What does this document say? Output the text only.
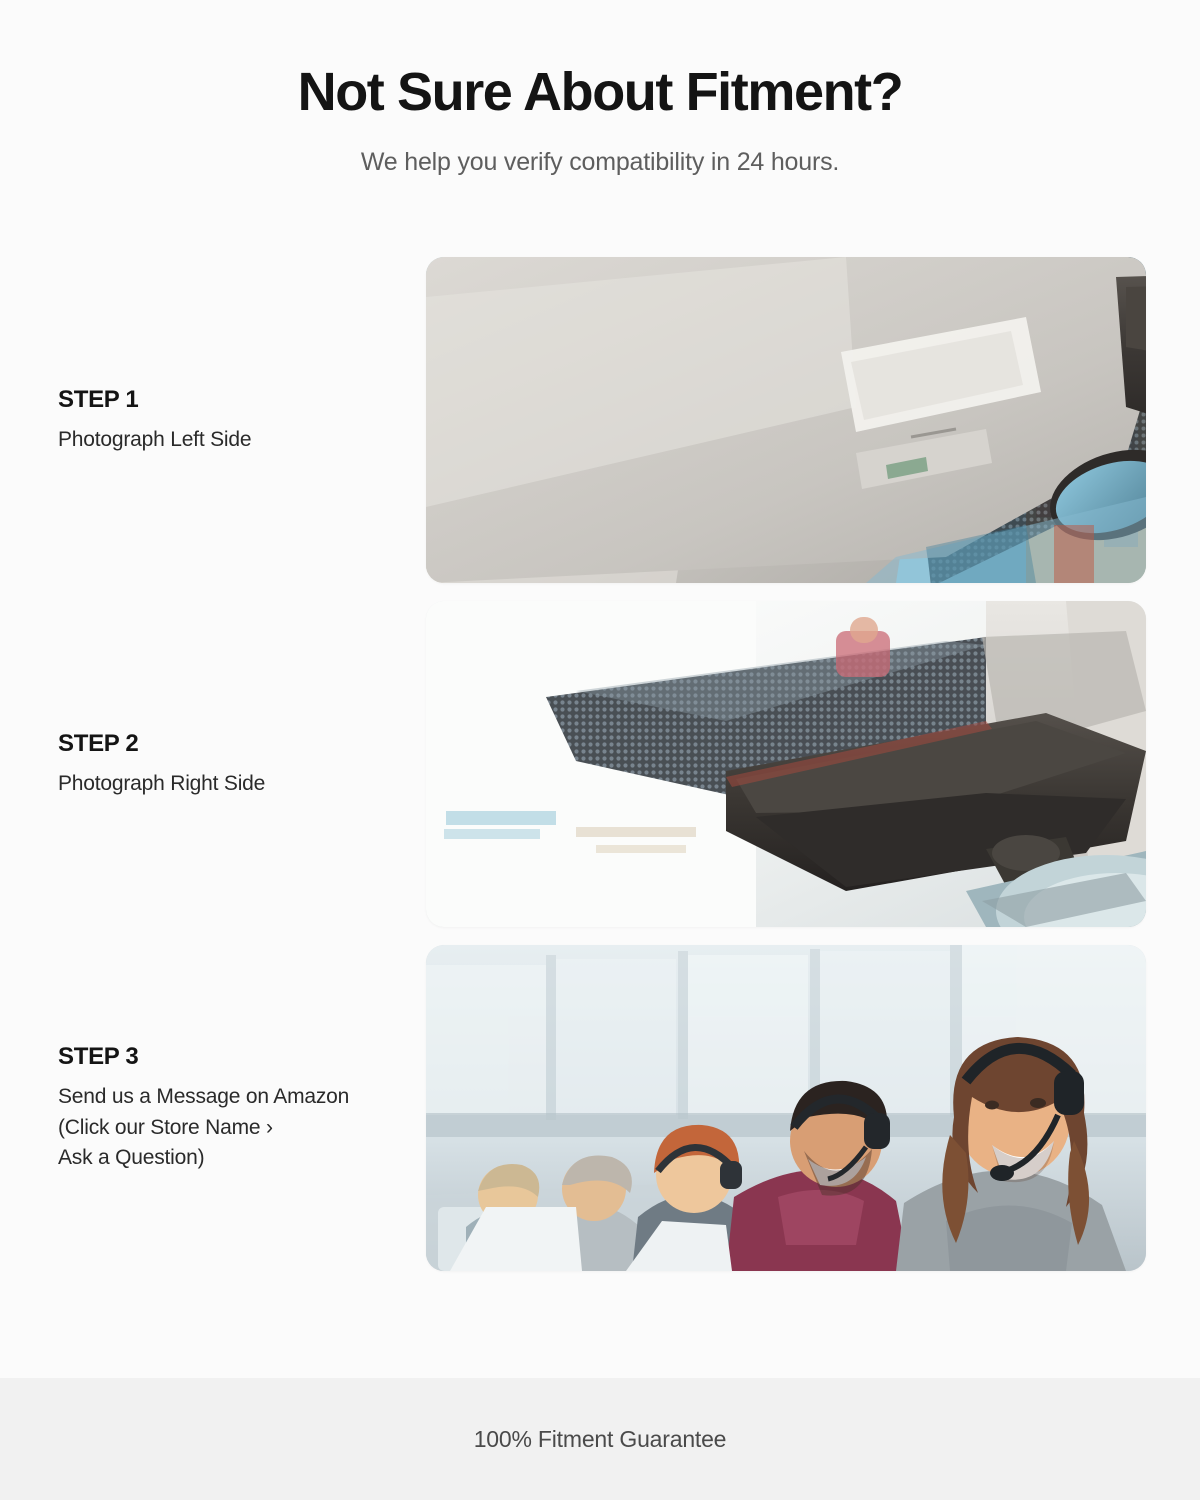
Not Sure About Fitment?

We help you verify compatibility in 24 hours.

STEP 1
Photograph Left Side
STEP 2
Photograph Right Side
STEP 3
Send us a Message on Amazon
(Click our Store Name ›
Ask a Question)
100% Fitment Guarantee
